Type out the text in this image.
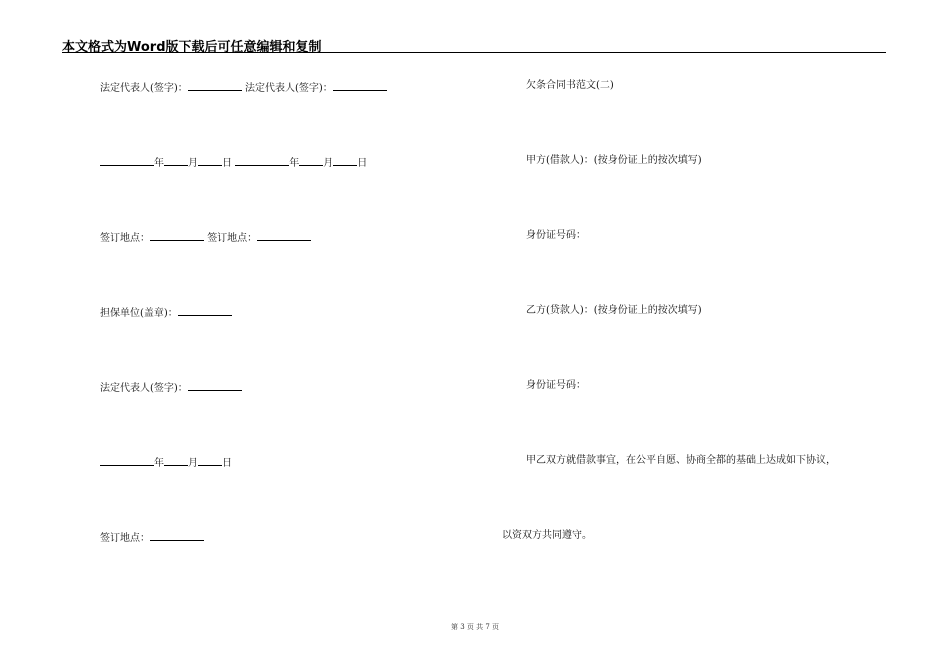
本文格式为Word版下载后可任意编辑和复制
法定代表人(签字)：	法定代表人(签字)：
年 月 日	年 月 日
签订地点：	签订地点：
担保单位(盖章)：
法定代表人(签字)：
年 月 日
签订地点：
欠条合同书范文(二)
甲方(借款人)：(按身份证上的按次填写)
身份证号码：
乙方(贷款人)：(按身份证上的按次填写)
身份证号码：
甲乙双方就借款事宜，在公平自愿、协商全都的基础上达成如下协议，
以资双方共同遵守。
第 3 页 共 7 页
